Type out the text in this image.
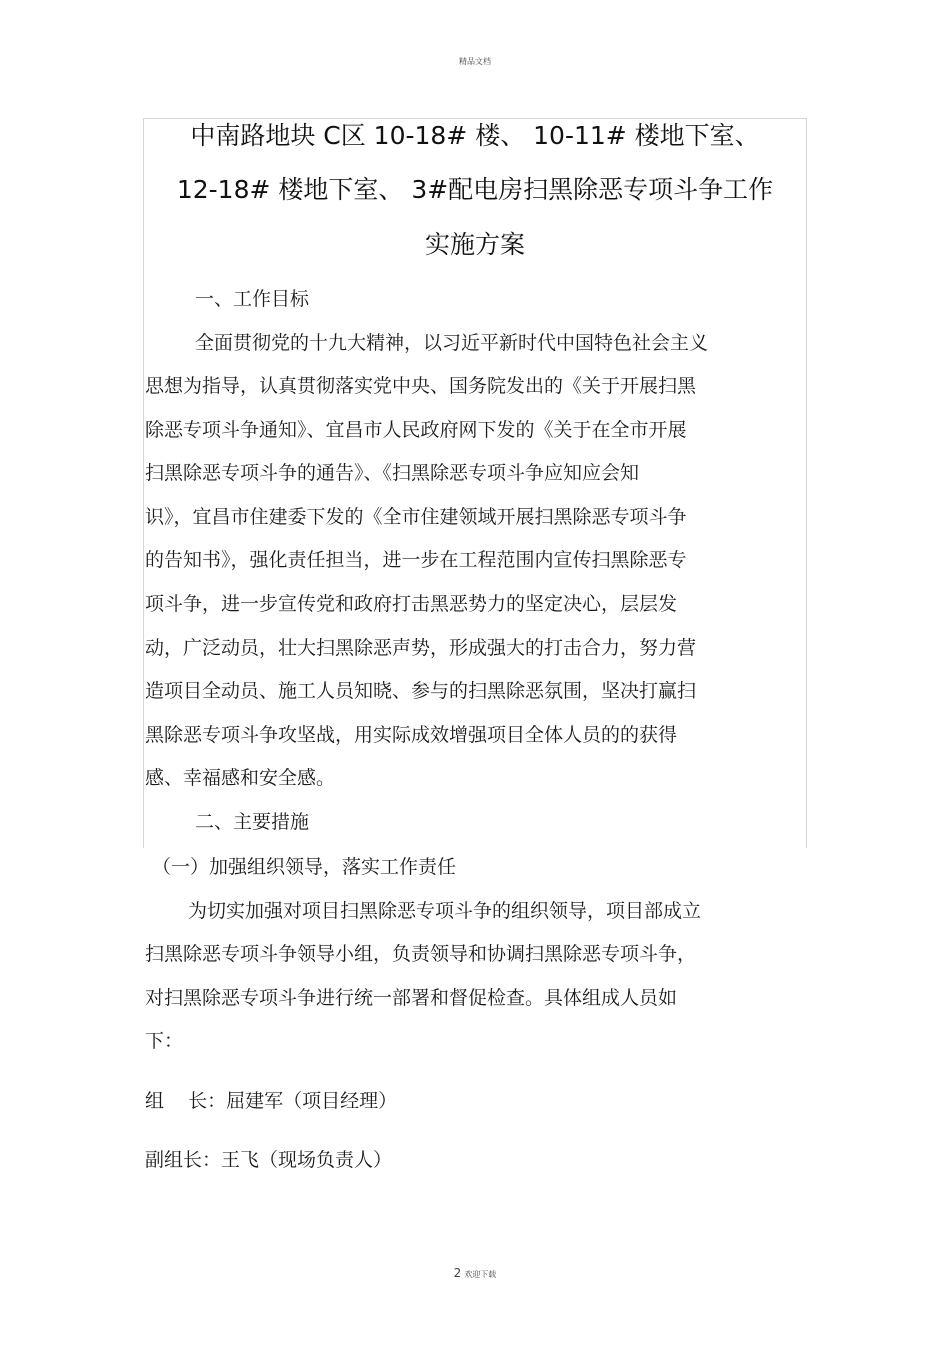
精品文档
中南路地块 C区 10-18# 楼、 10-11# 楼地下室、
12-18# 楼地下室、 3#配电房扫黑除恶专项斗争工作
实施方案
一、工作目标
全面贯彻党的十九大精神，以习近平新时代中国特色社会主义
思想为指导，认真贯彻落实党中央、国务院发出的《关于开展扫黑
除恶专项斗争通知》、宜昌市人民政府网下发的《关于在全市开展
扫黑除恶专项斗争的通告》、《扫黑除恶专项斗争应知应会知
识》，宜昌市住建委下发的《全市住建领域开展扫黑除恶专项斗争
的告知书》，强化责任担当，进一步在工程范围内宣传扫黑除恶专
项斗争，进一步宣传党和政府打击黑恶势力的坚定决心，层层发
动，广泛动员，壮大扫黑除恶声势，形成强大的打击合力，努力营
造项目全动员、施工人员知晓、参与的扫黑除恶氛围，坚决打赢扫
黑除恶专项斗争攻坚战，用实际成效增强项目全体人员的的获得
感、幸福感和安全感。
二、主要措施
（一）加强组织领导，落实工作责任
为切实加强对项目扫黑除恶专项斗争的组织领导，项目部成立
扫黑除恶专项斗争领导小组，负责领导和协调扫黑除恶专项斗争，
对扫黑除恶专项斗争进行统一部署和督促检查。具体组成人员如
下：
组    长：屈建军（项目经理）
副组长：王飞（现场负责人）
2 欢迎下载
